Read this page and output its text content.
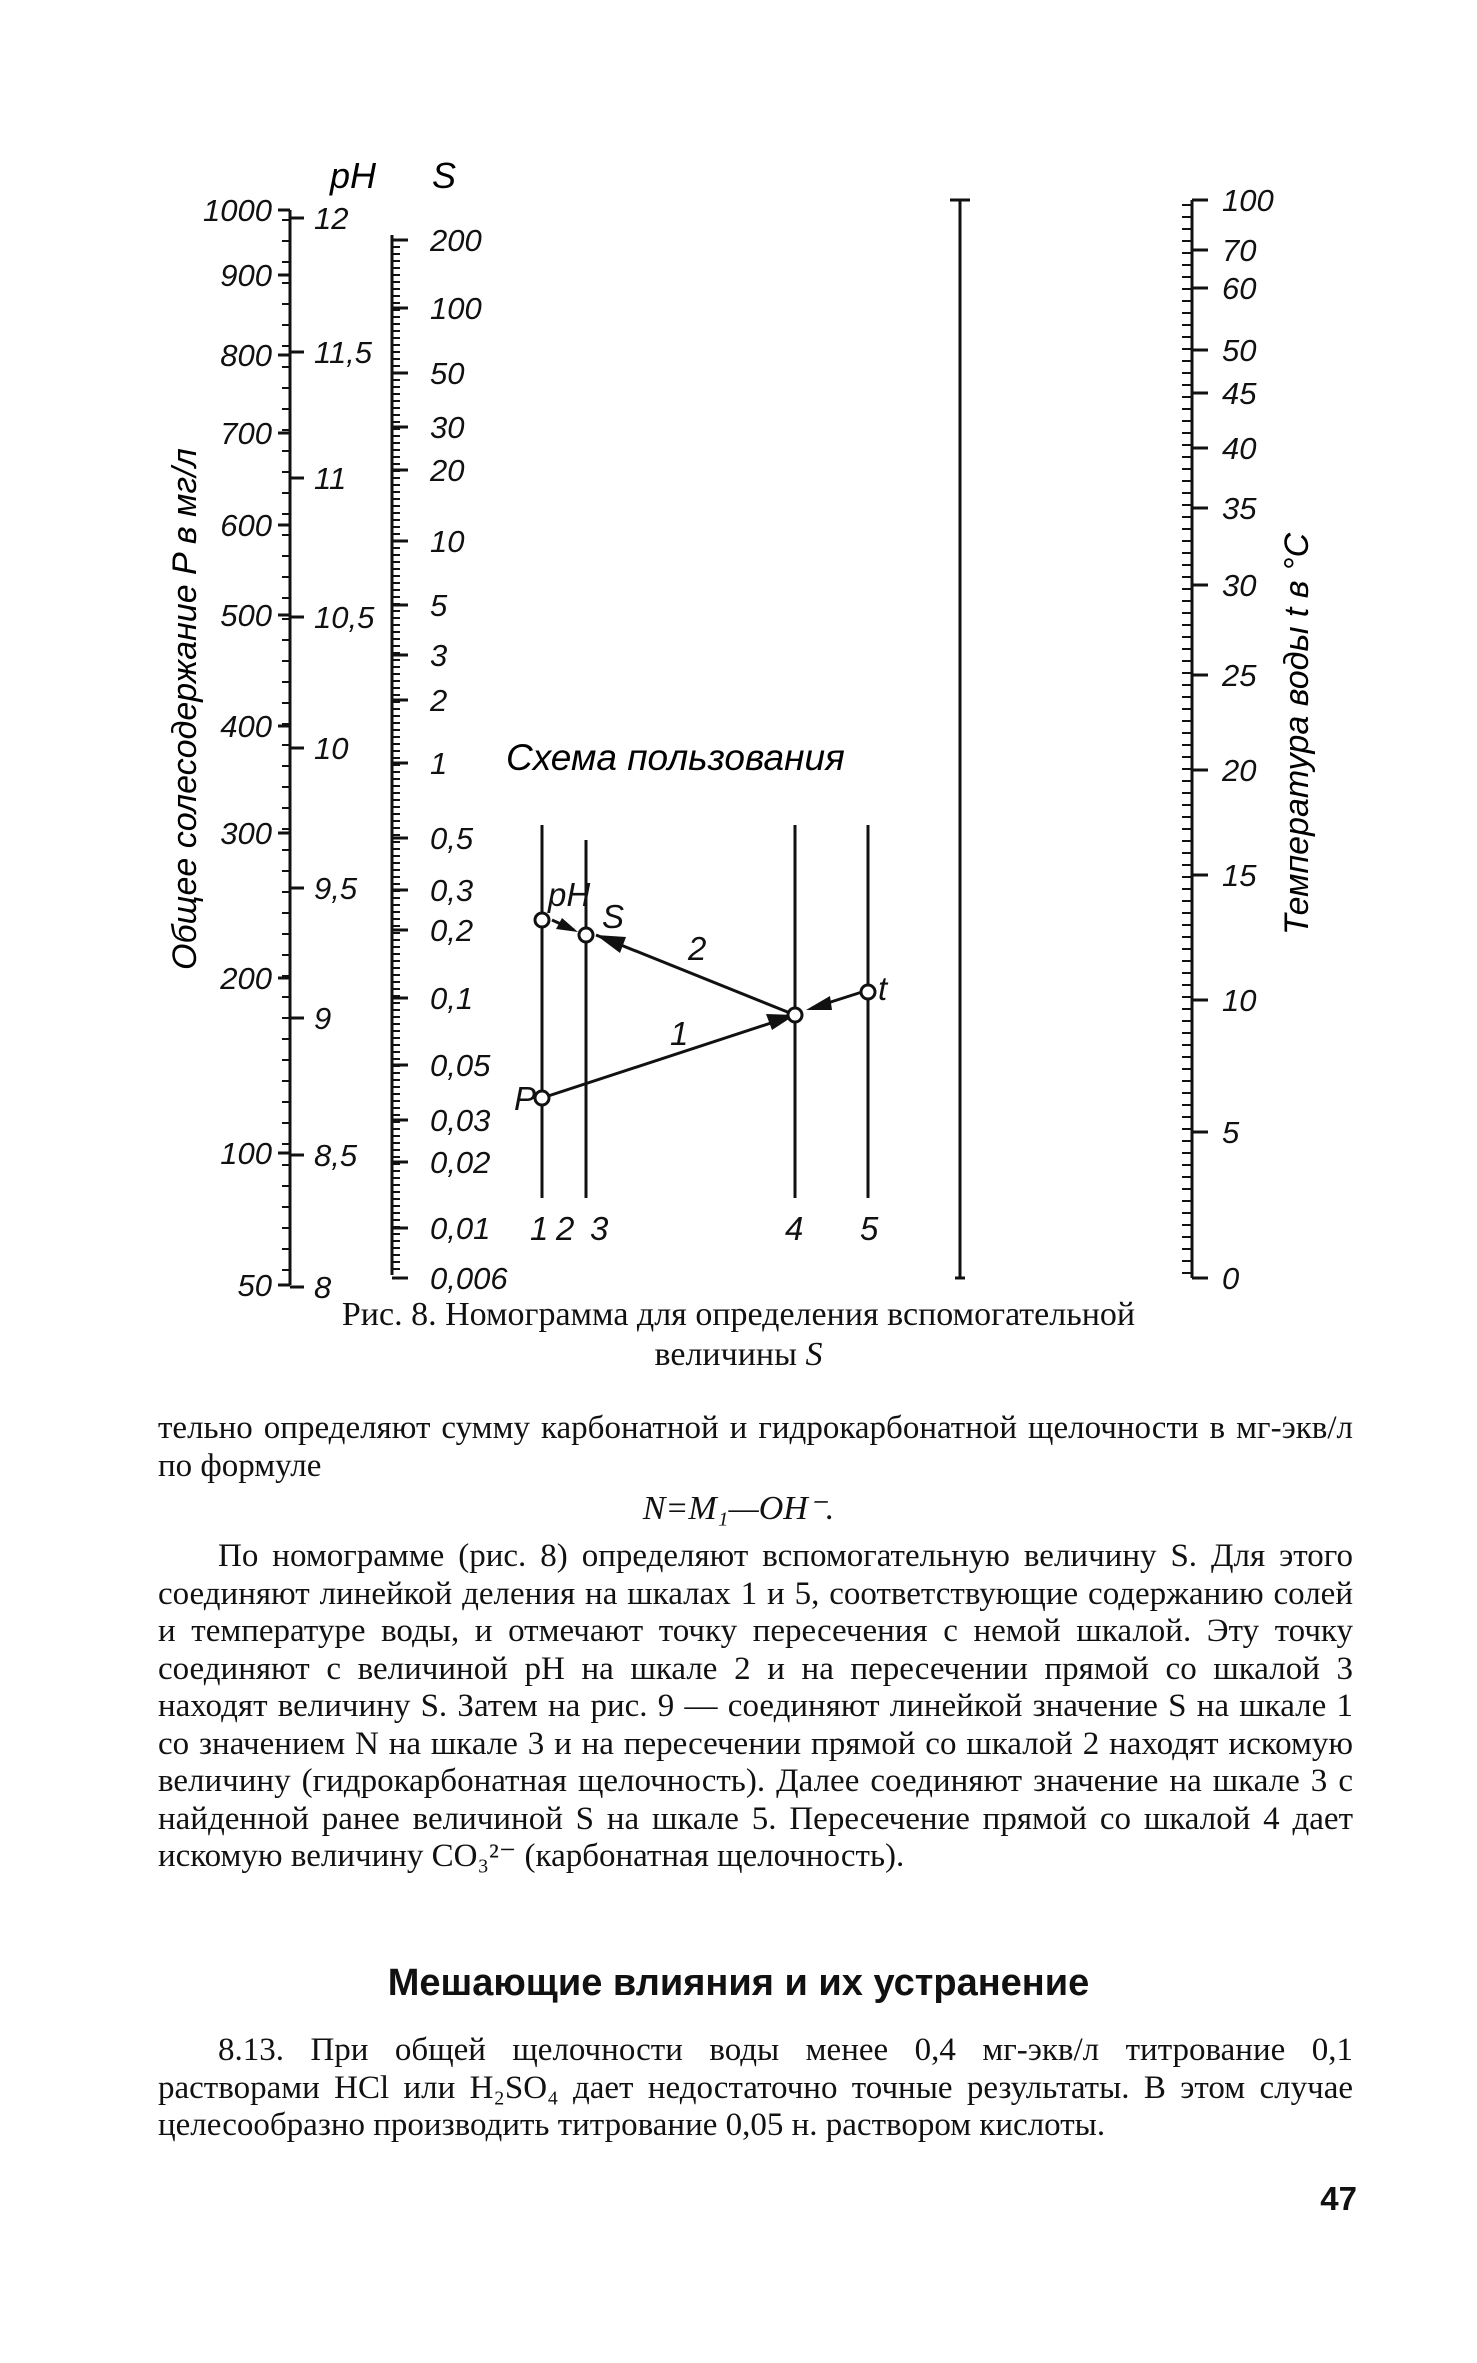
1000
900
800
700
600
500
400
300
200
100
50
12
11,5
11
10,5
10
9,5
9
8,5
8
200
100
50
30
20
10
5
3
2
1
0,5
0,3
0,2
0,1
0,05
0,03
0,02
0,01
0,006
100
70
60
50
45
40
35
30
25
20
15
10
5
0
pH S
Общее солесодержание P в мг/л	Температура воды t в °С
Схема пользования
pH
S
P
t
2
1
1 2 3	4 5
Рис. 8. Номограмма для определения вспомогательной
величины S

тельно определяют сумму карбонатной и гидрокарбонатной щелочности в мг-экв/л по формуле

N=M₁—OH⁻.

По номограмме (рис. 8) определяют вспомогательную величину S. Для этого соединяют линейкой деления на шкалах 1 и 5, соответствующие содержанию солей и температуре воды, и отмечают точку пересечения с немой шкалой. Эту точку соединяют с величиной pH на шкале 2 и на пересечении прямой со шкалой 3 находят величину S. Затем на рис. 9 — соединяют линейкой значение S на шкале 1 со значением N на шкале 3 и на пересечении прямой со шкалой 2 находят искомую величину (гидрокарбонатная щелочность). Далее соединяют значение на шкале 3 с найденной ранее величиной S на шкале 5. Пересечение прямой со шкалой 4 дает искомую величину CO₃²⁻ (карбонатная щелочность).

Мешающие влияния и их устранение

8.13. При общей щелочности воды менее 0,4 мг-экв/л титрование 0,1 растворами HCl или H₂SO₄ дает недостаточно точные результаты. В этом случае целесообразно производить титрование 0,05 н. раствором кислоты.

47
